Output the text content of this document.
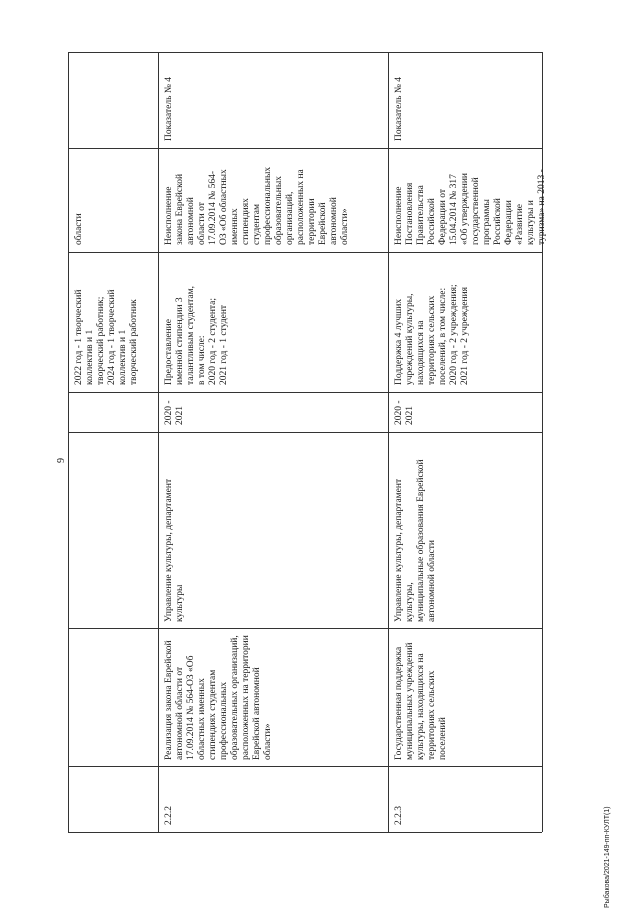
9
Рыбакова/2021-149-пп-КУЛТ(1)
2022 год - 1 творческий
коллектив и 1
творческий работник;
2024 год - 1 творческий
коллектив и 1
творческий работник
области
2.2.2
Реализация закона Еврейской
автономной области от
17.09.2014 № 564-ОЗ «Об
областных именных
стипендиях студентам
профессиональных
образовательных организаций,
расположенных на территории
Еврейской автономной
области»
Управление культуры, департамент
культуры
2020 -
2021
Предоставление
именной стипендии 3
талантливым студентам,
в том числе:
2020 год - 2 студента;
2021 год - 1 студент
Неисполнение
закона Еврейской
автономной
области от
17.09.2014 № 564-
ОЗ «Об областных
именных
стипендиях
студентам
профессиональных
образовательных
организаций,
расположенных на
территории
Еврейской
автономной
области»
Показатель № 4
2.2.3
Государственная поддержка
муниципальных учреждений
культуры, находящихся на
территориях сельских
поселений
Управление культуры, департамент
культуры,
муниципальные образования Еврейской
автономной области
2020 -
2021
Поддержка 4 лучших
учреждений культуры,
находящихся на
территориях сельских
поселений, в том числе:
2020 год - 2 учреждения;
2021 год - 2 учреждения
Неисполнение
Постановления
Правительства
Российской
Федерации от
15.04.2014 № 317
«Об утверждении
государственной
программы
Российской
Федерации
«Развитие
культуры и
туризма» на 2013 -
Показатель № 4
